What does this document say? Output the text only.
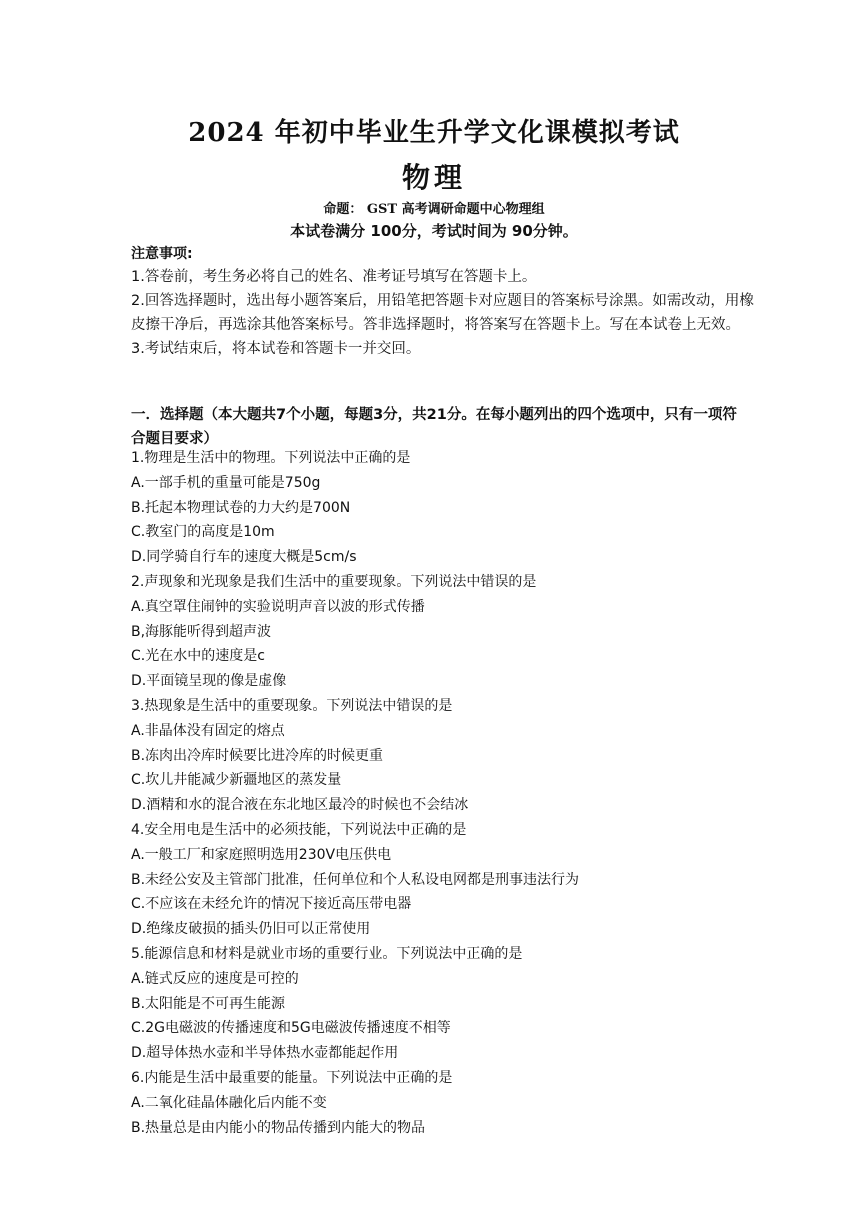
2024 年初中毕业生升学文化课模拟考试
物理
命题： GST 高考调研命题中心物理组
本试卷满分 100分，考试时间为 90分钟。
注意事项:
1.答卷前，考生务必将自己的姓名、准考证号填写在答题卡上。
2.回答选择题时，选出每小题答案后，用铅笔把答题卡对应题目的答案标号涂黑。如需改动，用橡皮擦干净后，再选涂其他答案标号。答非选择题时，将答案写在答题卡上。写在本试卷上无效。
3.考试结束后，将本试卷和答题卡一并交回。
一．选择题（本大题共7个小题，每题3分，共21分。在每小题列出的四个选项中，只有一项符合题目要求）
1.物理是生活中的物理。下列说法中正确的是
A.一部手机的重量可能是750g
B.托起本物理试卷的力大约是700N
C.教室门的高度是10m
D.同学骑自行车的速度大概是5cm/s
2.声现象和光现象是我们生活中的重要现象。下列说法中错误的是
A.真空罩住闹钟的实验说明声音以波的形式传播
B,海豚能听得到超声波
C.光在水中的速度是c
D.平面镜呈现的像是虚像
3.热现象是生活中的重要现象。下列说法中错误的是
A.非晶体没有固定的熔点
B.冻肉出冷库时候要比进冷库的时候更重
C.坎儿井能减少新疆地区的蒸发量
D.酒精和水的混合液在东北地区最冷的时候也不会结冰
4.安全用电是生活中的必须技能，下列说法中正确的是
A.一般工厂和家庭照明选用230V电压供电
B.未经公安及主管部门批准，任何单位和个人私设电网都是刑事违法行为
C.不应该在未经允许的情况下接近高压带电器
D.绝缘皮破损的插头仍旧可以正常使用
5.能源信息和材料是就业市场的重要行业。下列说法中正确的是
A.链式反应的速度是可控的
B.太阳能是不可再生能源
C.2G电磁波的传播速度和5G电磁波传播速度不相等
D.超导体热水壶和半导体热水壶都能起作用
6.内能是生活中最重要的能量。下列说法中正确的是
A.二氧化硅晶体融化后内能不变
B.热量总是由内能小的物品传播到内能大的物品
